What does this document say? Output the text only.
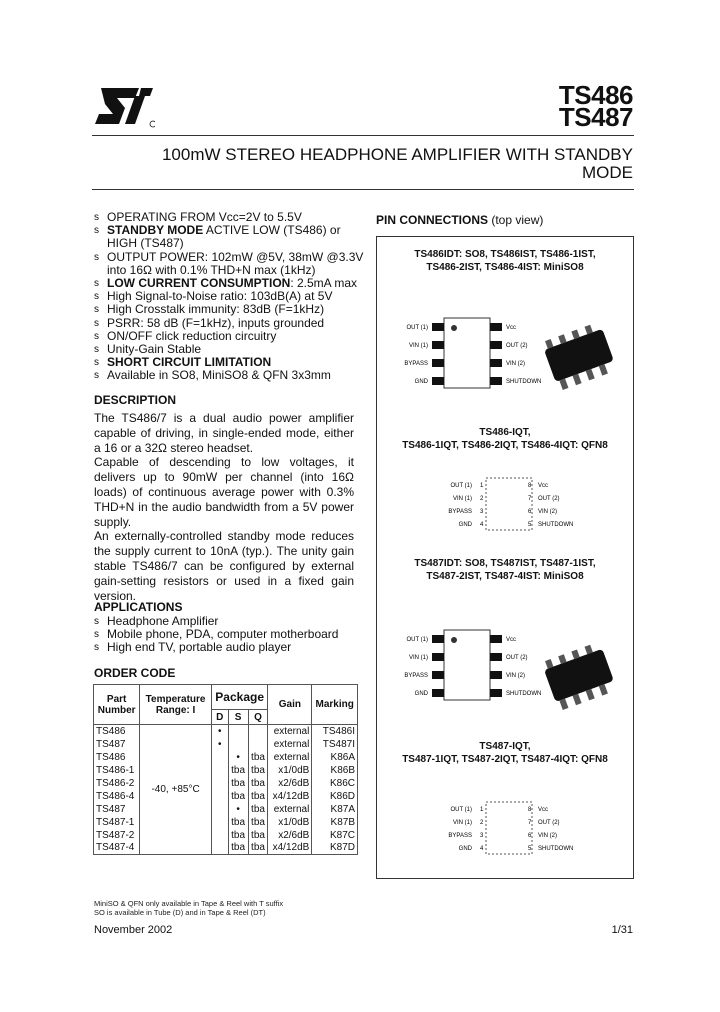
TS486
TS487
100mW STEREO HEADPHONE AMPLIFIER WITH STANDBY
MODE
s OPERATING FROM Vcc=2V to 5.5V
s STANDBY MODE ACTIVE LOW (TS486) or HIGH (TS487)
s OUTPUT POWER: 102mW @5V, 38mW @3.3V into 16Ω with 0.1% THD+N max (1kHz)
s LOW CURRENT CONSUMPTION: 2.5mA max
s High Signal-to-Noise ratio: 103dB(A) at 5V
s High Crosstalk immunity: 83dB (F=1kHz)
s PSRR: 58 dB (F=1kHz), inputs grounded
s ON/OFF click reduction circuitry
s Unity-Gain Stable
s SHORT CIRCUIT LIMITATION
s Available in SO8, MiniSO8 & QFN 3x3mm
DESCRIPTION
The TS486/7 is a dual audio power amplifier capable of driving, in single-ended mode, either a 16 or a 32Ω stereo headset.
Capable of descending to low voltages, it delivers up to 90mW per channel (into 16Ω loads) of continuous average power with 0.3% THD+N in the audio bandwidth from a 5V power supply.
An externally-controlled standby mode reduces the supply current to 10nA (typ.). The unity gain stable TS486/7 can be configured by external gain-setting resistors or used in a fixed gain version.
APPLICATIONS
s Headphone Amplifier
s Mobile phone, PDA, computer motherboard
s High end TV, portable audio player
ORDER CODE
Part Number	Temperature Range: I	Package			Gain	Marking
		D	S	Q		
TS486	-40, +85°C	•			external	TS486I
TS487		•			external	TS487I
TS486			•	tba	external	K86A
TS486-1			tba	tba	x1/0dB	K86B
TS486-2			tba	tba	x2/6dB	K86C
TS486-4			tba	tba	x4/12dB	K86D
TS487			•	tba	external	K87A
TS487-1			tba	tba	x1/0dB	K87B
TS487-2			tba	tba	x2/6dB	K87C
TS487-4			tba	tba	x4/12dB	K87D
MiniSO & QFN only available in Tape & Reel with T suffix
SO is available in Tube (D) and in Tape & Reel (DT)
PIN CONNECTIONS (top view)
TS486IDT: SO8, TS486IST, TS486-1IST,
TS486-2IST, TS486-4IST: MiniSO8
TS486-IQT,
TS486-1IQT, TS486-2IQT, TS486-4IQT: QFN8
TS487IDT: SO8, TS487IST, TS487-1IST,
TS487-2IST, TS487-4IST: MiniSO8
TS487-IQT,
TS487-1IQT, TS487-2IQT, TS487-4IQT: QFN8
OUT (1)
VIN (1)
BYPASS
GND
Vcc
OUT (2)
VIN (2)
SHUTDOWN
OUT (1)
VIN (1)
BYPASS
GND
1
2
3
4
8
7
6
5
Vcc
OUT (2)
VIN (2)
SHUTDOWN
OUT (1)
VIN (1)
BYPASS
GND
Vcc
OUT (2)
VIN (2)
SHUTDOWN
OUT (1)
VIN (1)
BYPASS
GND
1
2
3
4
8
7
6
5
Vcc
OUT (2)
VIN (2)
SHUTDOWN
November 2002	1/31
